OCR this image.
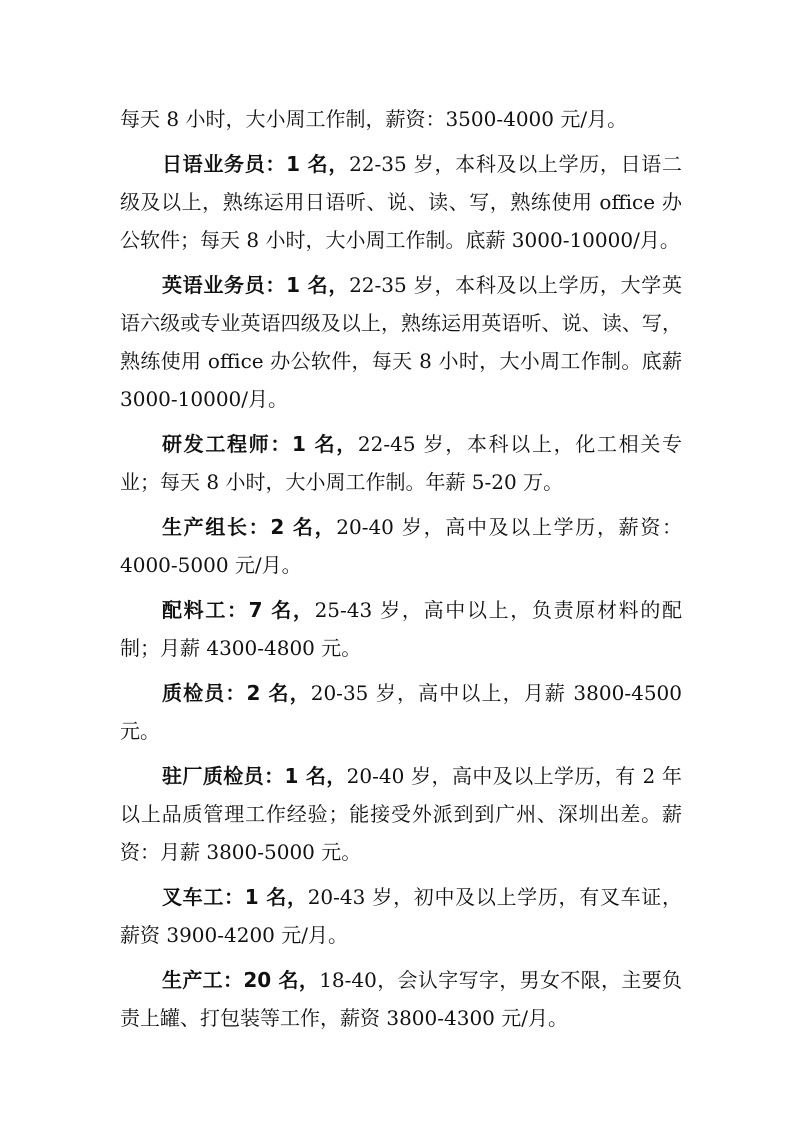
每天 8 小时，大小周工作制，薪资：3500-4000 元/月。

日语业务员：1 名，22-35 岁，本科及以上学历，日语二级及以上，熟练运用日语听、说、读、写，熟练使用 office 办公软件；每天 8 小时，大小周工作制。底薪 3000-10000/月。

英语业务员：1 名，22-35 岁，本科及以上学历，大学英语六级或专业英语四级及以上，熟练运用英语听、说、读、写，熟练使用 office 办公软件，每天 8 小时，大小周工作制。底薪 3000-10000/月。

研发工程师：1 名，22-45 岁，本科以上，化工相关专业；每天 8 小时，大小周工作制。年薪 5-20 万。

生产组长：2 名，20-40 岁，高中及以上学历，薪资：4000-5000 元/月。

配料工：7 名，25-43 岁，高中以上，负责原材料的配制；月薪 4300-4800 元。

质检员：2 名，20-35 岁，高中以上，月薪 3800-4500 元。

驻厂质检员：1 名，20-40 岁，高中及以上学历，有 2 年以上品质管理工作经验；能接受外派到到广州、深圳出差。薪资：月薪 3800-5000 元。

叉车工：1 名，20-43 岁，初中及以上学历，有叉车证，薪资 3900-4200 元/月。

生产工：20 名，18-40，会认字写字，男女不限，主要负责上罐、打包装等工作，薪资 3800-4300 元/月。
